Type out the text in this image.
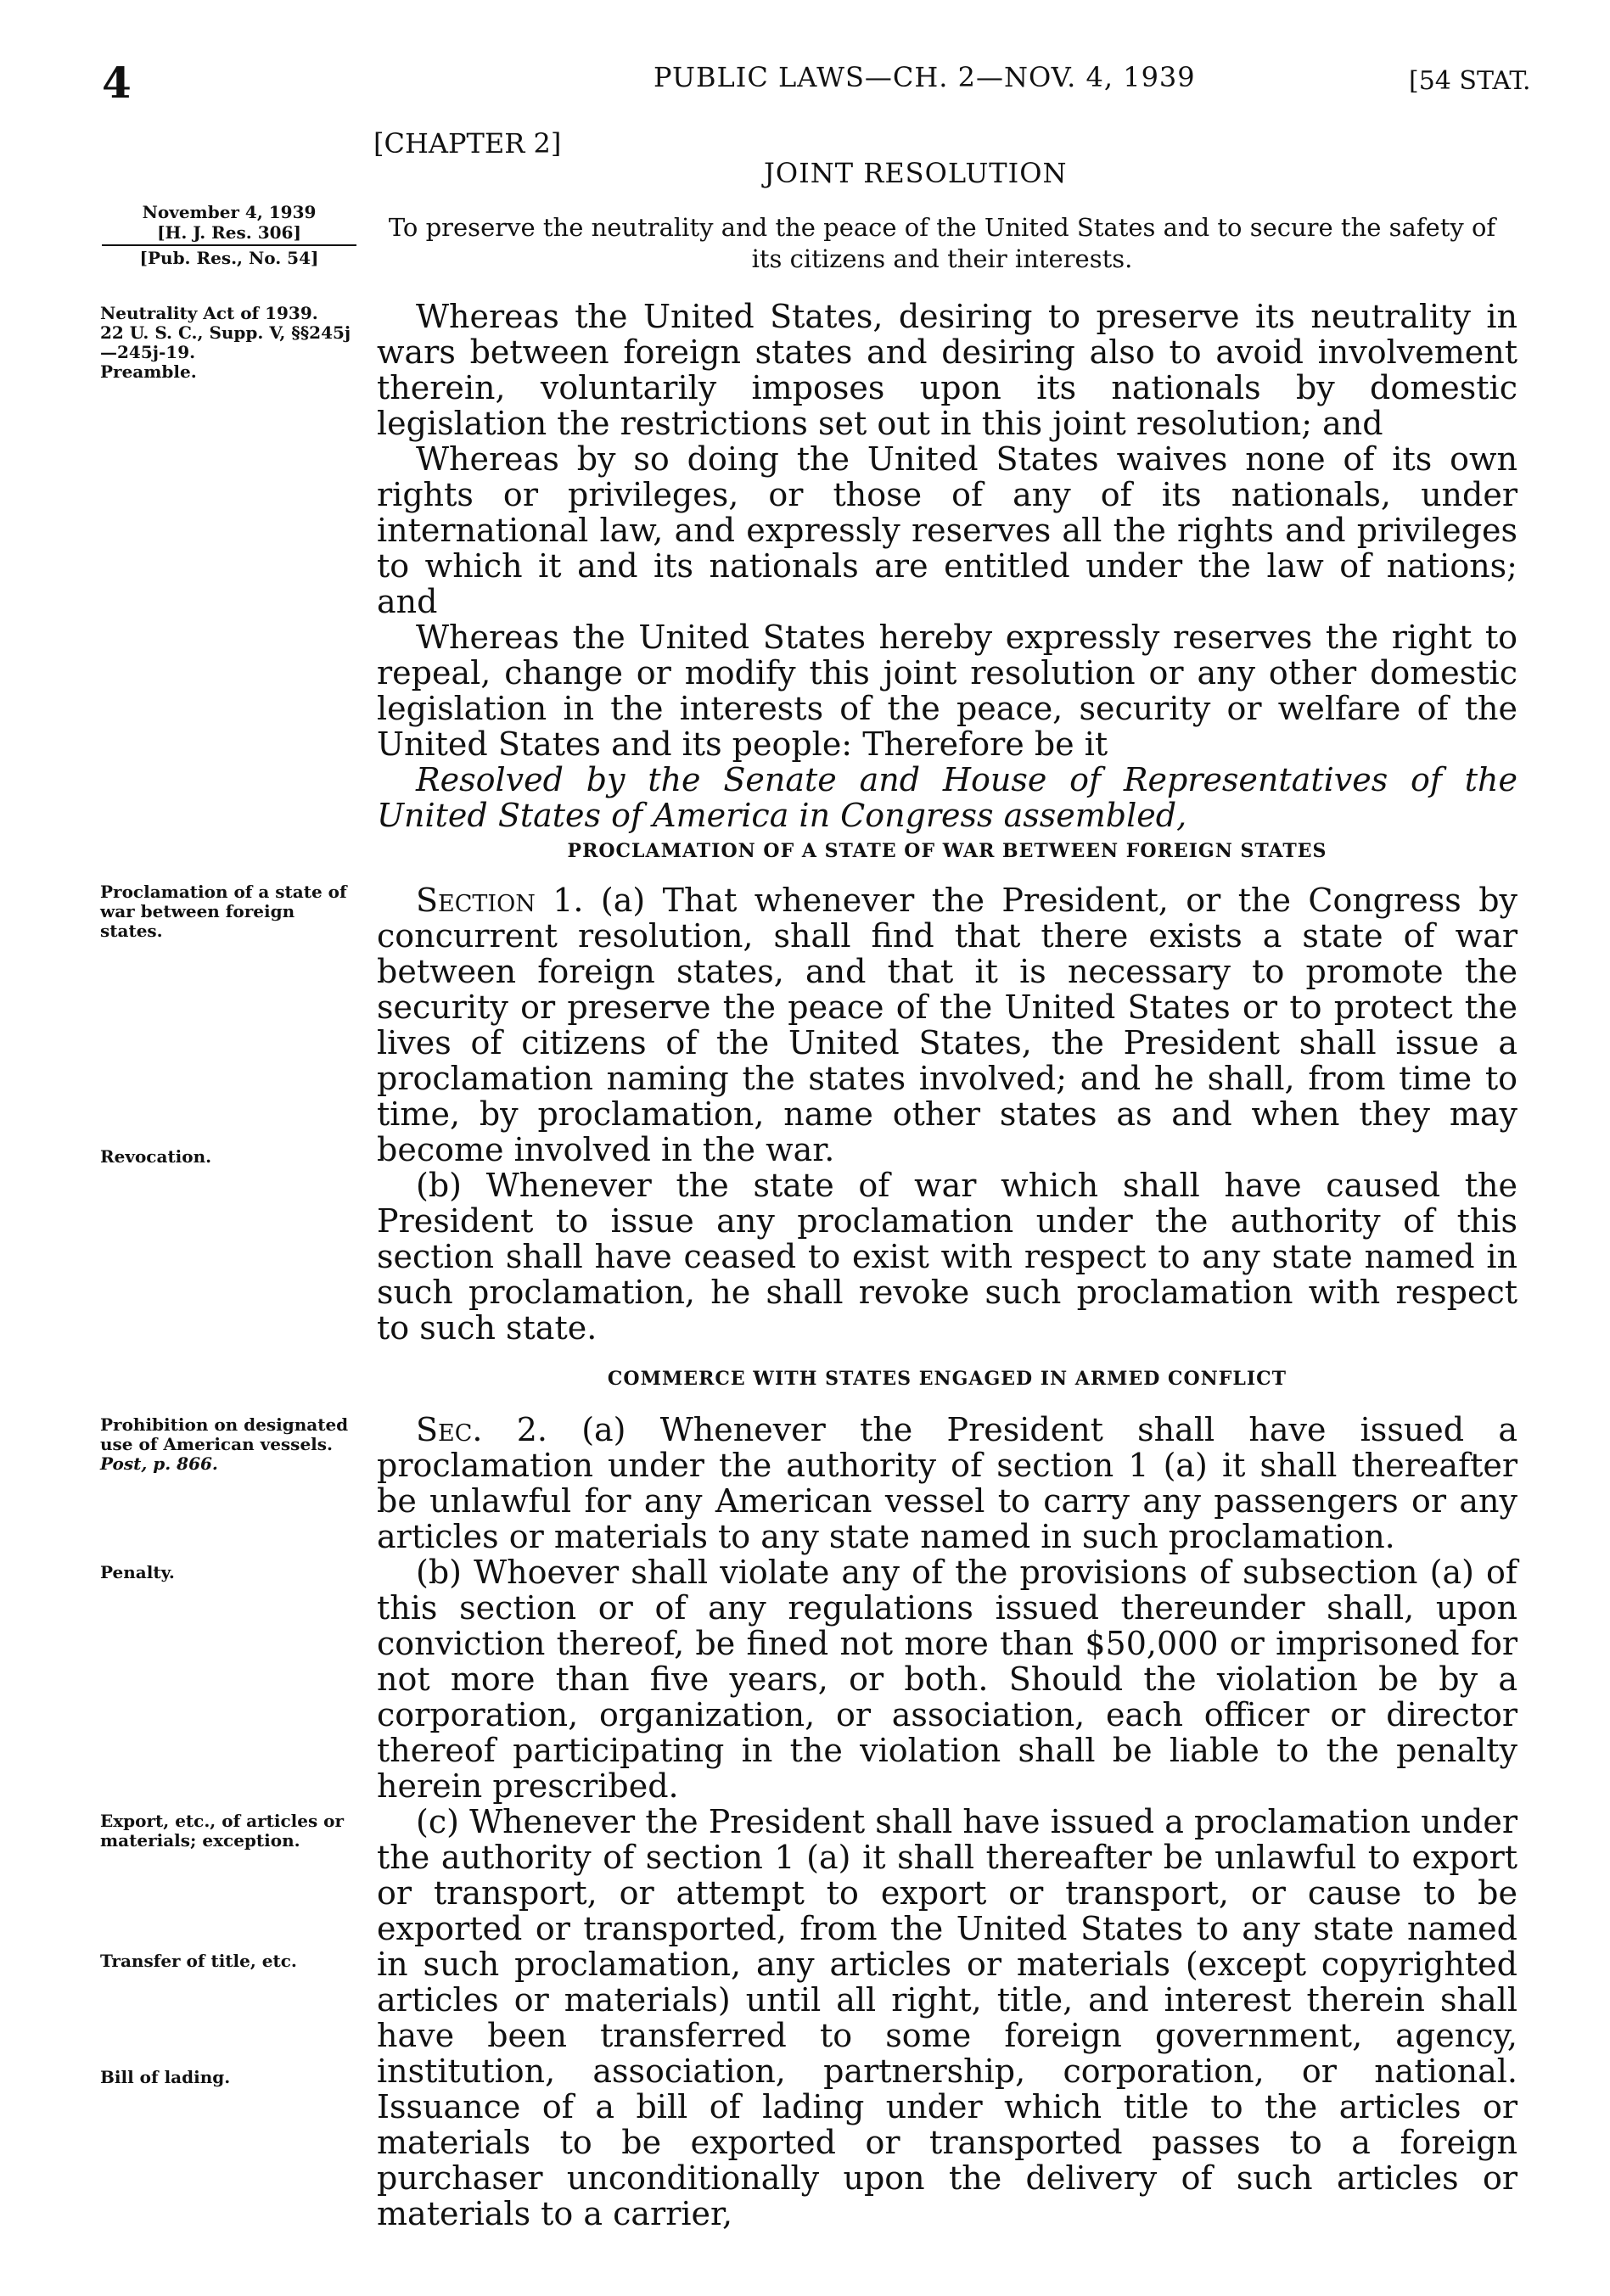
4	PUBLIC LAWS—CH. 2—NOV. 4, 1939	[54 STAT.
[CHAPTER 2]
JOINT RESOLUTION
To preserve the neutrality and the peace of the United States and to secure the safety of its citizens and their interests.
November 4, 1939
[H. J. Res. 306]
[Pub. Res., No. 54]
Neutrality Act of 1939.
22 U. S. C., Supp. V, §§245j—245j-19.
Preamble.
Proclamation of a state of war between foreign states.
Revocation.
Prohibition on designated use of American vessels.
Post, p. 866.
Penalty.
Export, etc., of articles or materials; exception.
Transfer of title, etc.
Bill of lading.

Whereas the United States, desiring to preserve its neutrality in wars between foreign states and desiring also to avoid involvement therein, voluntarily imposes upon its nationals by domestic legislation the restrictions set out in this joint resolution; and

Whereas by so doing the United States waives none of its own rights or privileges, or those of any of its nationals, under international law, and expressly reserves all the rights and privileges to which it and its nationals are entitled under the law of nations; and

Whereas the United States hereby expressly reserves the right to repeal, change or modify this joint resolution or any other domestic legislation in the interests of the peace, security or welfare of the United States and its people: Therefore be it

Resolved by the Senate and House of Representatives of the United States of America in Congress assembled,

PROCLAMATION OF A STATE OF WAR BETWEEN FOREIGN STATES

Section 1. (a) That whenever the President, or the Congress by concurrent resolution, shall find that there exists a state of war between foreign states, and that it is necessary to promote the security or preserve the peace of the United States or to protect the lives of citizens of the United States, the President shall issue a proclamation naming the states involved; and he shall, from time to time, by proclamation, name other states as and when they may become involved in the war.

(b) Whenever the state of war which shall have caused the President to issue any proclamation under the authority of this section shall have ceased to exist with respect to any state named in such proclamation, he shall revoke such proclamation with respect to such state.

COMMERCE WITH STATES ENGAGED IN ARMED CONFLICT

Sec. 2. (a) Whenever the President shall have issued a proclamation under the authority of section 1 (a) it shall thereafter be unlawful for any American vessel to carry any passengers or any articles or materials to any state named in such proclamation.

(b) Whoever shall violate any of the provisions of subsection (a) of this section or of any regulations issued thereunder shall, upon conviction thereof, be fined not more than $50,000 or imprisoned for not more than five years, or both. Should the violation be by a corporation, organization, or association, each officer or director thereof participating in the violation shall be liable to the penalty herein prescribed.

(c) Whenever the President shall have issued a proclamation under the authority of section 1 (a) it shall thereafter be unlawful to export or transport, or attempt to export or transport, or cause to be exported or transported, from the United States to any state named in such proclamation, any articles or materials (except copyrighted articles or materials) until all right, title, and interest therein shall have been transferred to some foreign government, agency, institution, association, partnership, corporation, or national. Issuance of a bill of lading under which title to the articles or materials to be exported or transported passes to a foreign purchaser unconditionally upon the delivery of such articles or materials to a carrier,
